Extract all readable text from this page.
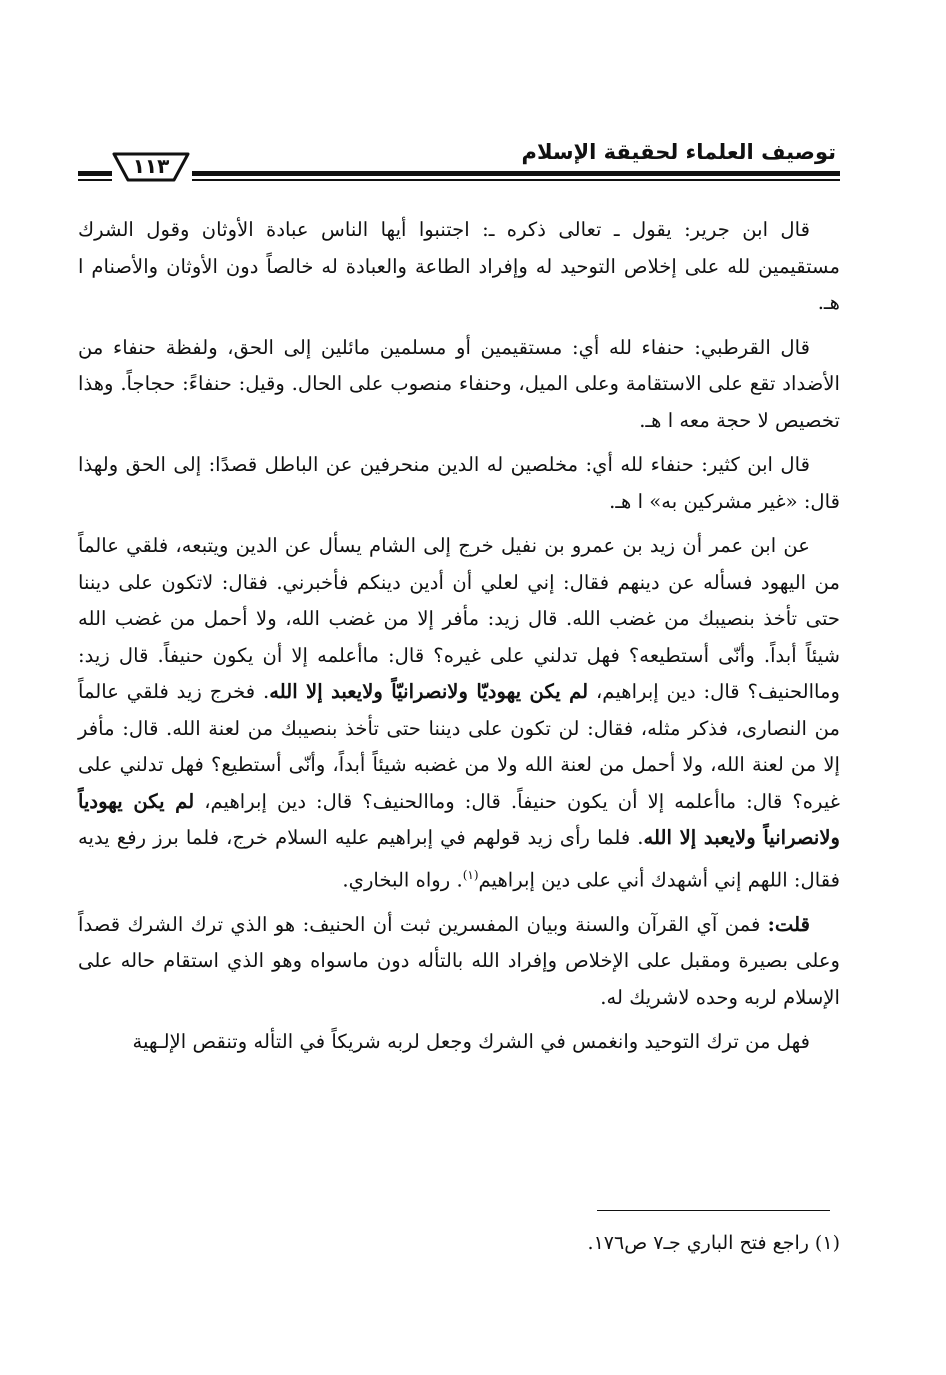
توصيف العلماء لحقيقة الإسلام
١١٣

قال ابن جرير: يقول ـ تعالى ذكره ـ: اجتنبوا أيها الناس عبادة الأوثان وقول الشرك مستقيمين لله على إخلاص التوحيد له وإفراد الطاعة والعبادة له خالصاً دون الأوثان والأصنام ا هـ.

قال القرطبي: حنفاء لله أي: مستقيمين أو مسلمين مائلين إلى الحق، ولفظة حنفاء من الأضداد تقع على الاستقامة وعلى الميل، وحنفاء منصوب على الحال. وقيل: حنفاءً: حجاجاً. وهذا تخصيص لا حجة معه ا هـ.

قال ابن كثير: حنفاء لله أي: مخلصين له الدين منحرفين عن الباطل قصدًا: إلى الحق ولهذا قال: «غير مشركين به» ا هـ.

عن ابن عمر أن زيد بن عمرو بن نفيل خرج إلى الشام يسأل عن الدين ويتبعه، فلقي عالماً من اليهود فسأله عن دينهم فقال: إني لعلي أن أدين دينكم فأخبرني. فقال: لاتكون على ديننا حتى تأخذ بنصيبك من غضب الله. قال زيد: مأفر إلا من غضب الله، ولا أحمل من غضب الله شيئاً أبداً. وأنّى أستطيعه؟ فهل تدلني على غيره؟ قال: ماأعلمه إلا أن يكون حنيفاً. قال زيد: وماالحنيف؟ قال: دين إبراهيم، لم يكن يهوديّا ولانصرانيّاً ولايعبد إلا الله. فخرج زيد فلقي عالماً من النصارى، فذكر مثله، فقال: لن تكون على ديننا حتى تأخذ بنصيبك من لعنة الله. قال: مأفر إلا من لعنة الله، ولا أحمل من لعنة الله ولا من غضبه شيئاً أبداً، وأنّى أستطيع؟ فهل تدلني على غيره؟ قال: ماأعلمه إلا أن يكون حنيفاً. قال: وماالحنيف؟ قال: دين إبراهيم، لم يكن يهودياً ولانصرانياً ولايعبد إلا الله. فلما رأى زيد قولهم في إبراهيم عليه السلام خرج، فلما برز رفع يديه فقال: اللهم إني أشهدك أني على دين إبراهيم$^{(١)}$. رواه البخاري.

قلت: فمن آي القرآن والسنة وبيان المفسرين ثبت أن الحنيف: هو الذي ترك الشرك قصداً وعلى بصيرة ومقبل على الإخلاص وإفراد الله بالتأله دون ماسواه وهو الذي استقام حاله على الإسلام لربه وحده لاشريك له.

فهل من ترك التوحيد وانغمس في الشرك وجعل لربه شريكاً في التأله وتنقص الإلـهية

(١) راجع فتح الباري جـ٧ ص١٧٦.
